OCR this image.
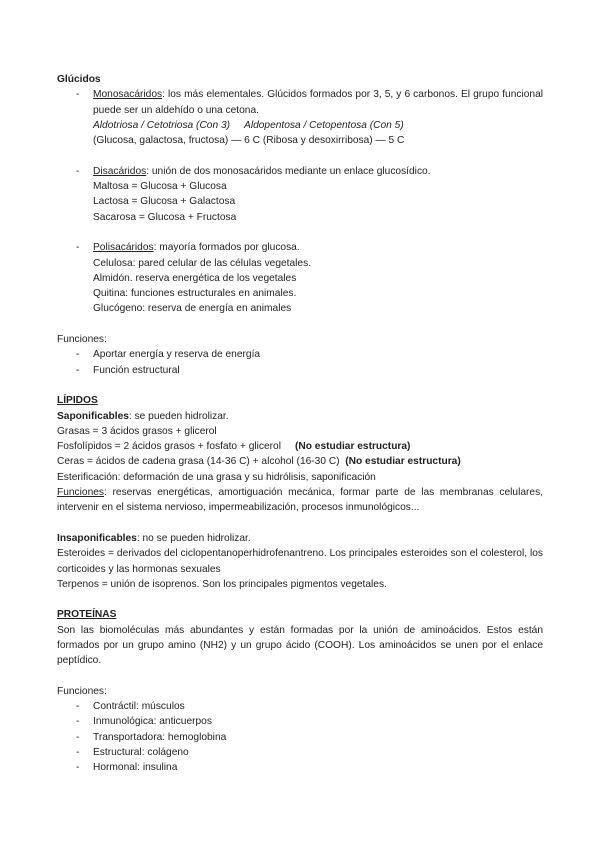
Glúcidos
- Monosacáridos: los más elementales. Glúcidos formados por 3, 5, y 6 carbonos. El grupo funcional puede ser un aldehído o una cetona.
Aldotriosa / Cetotriosa (Con 3) Aldopentosa / Cetopentosa (Con 5)
(Glucosa, galactosa, fructosa) — 6 C (Ribosa y desoxirribosa) — 5 C
- Disacáridos: unión de dos monosacáridos mediante un enlace glucosídico.
Maltosa = Glucosa + Glucosa
Lactosa = Glucosa + Galactosa
Sacarosa = Glucosa + Fructosa
- Polisacáridos: mayoría formados por glucosa.
Celulosa: pared celular de las células vegetales.
Almidón. reserva energética de los vegetales
Quitina: funciones estructurales en animales.
Glucógeno: reserva de energía en animales
Funciones:
- Aportar energía y reserva de energía
- Función estructural
LÍPIDOS
Saponificables: se pueden hidrolizar.
Grasas = 3 ácidos grasos + glicerol
Fosfolípidos = 2 ácidos grasos + fosfato + glicerol (No estudiar estructura)
Ceras = ácidos de cadena grasa (14-36 C) + alcohol (16-30 C) (No estudiar estructura)
Esterificación: deformación de una grasa y su hidrólisis, saponificación
Funciones: reservas energéticas, amortiguación mecánica, formar parte de las membranas celulares, intervenir en el sistema nervioso, impermeabilización, procesos inmunológicos...
Insaponificables: no se pueden hidrolizar.
Esteroides = derivados del ciclopentanoperhidrofenantreno. Los principales esteroides son el colesterol, los corticoides y las hormonas sexuales
Terpenos = unión de isoprenos. Son los principales pigmentos vegetales.
PROTEÍNAS
Son las biomoléculas más abundantes y están formadas por la unión de aminoácidos. Estos están formados por un grupo amino (NH2) y un grupo ácido (COOH). Los aminoácidos se unen por el enlace peptídico.
Funciones:
- Contráctil: músculos
- Inmunológica: anticuerpos
- Transportadora: hemoglobina
- Estructural: colágeno
- Hormonal: insulina
